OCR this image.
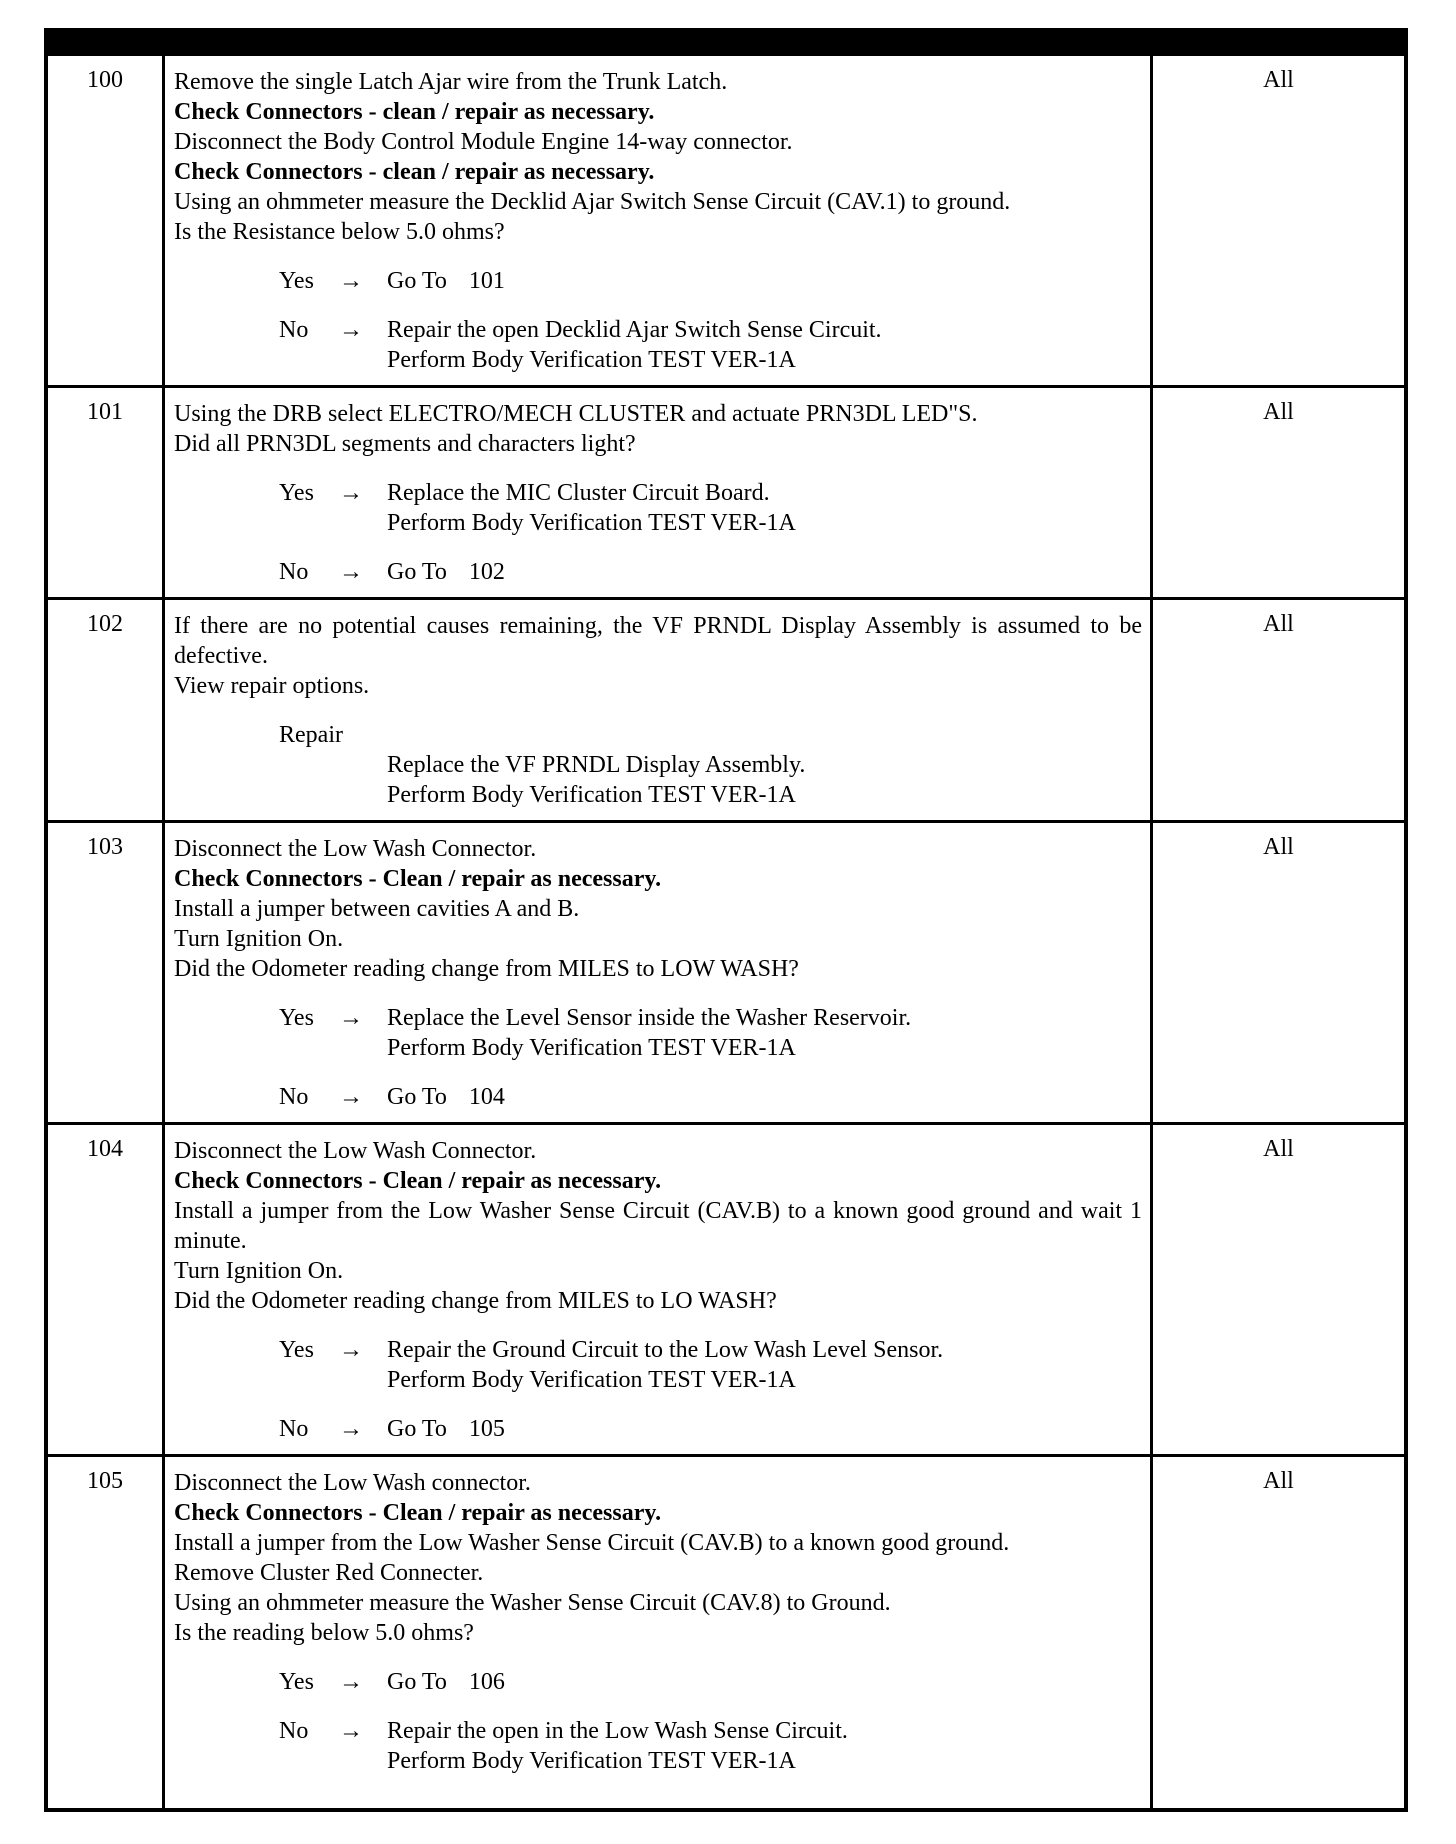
100	Remove the single Latch Ajar wire from the Trunk Latch.
Check Connectors - clean / repair as necessary.
Disconnect the Body Control Module Engine 14-way connector.
Check Connectors - clean / repair as necessary.
Using an ohmmeter measure the Decklid Ajar Switch Sense Circuit (CAV.1) to ground.
Is the Resistance below 5.0 ohms?
Yes	→	Go To 101
No	→	Repair the open Decklid Ajar Switch Sense Circuit.
Perform Body Verification TEST VER-1A
All
101	Using the DRB select ELECTRO/MECH CLUSTER and actuate PRN3DL LED"S.
Did all PRN3DL segments and characters light?
Yes	→	Replace the MIC Cluster Circuit Board.
Perform Body Verification TEST VER-1A
No	→	Go To 102
All
102	If there are no potential causes remaining, the VF PRNDL Display Assembly is assumed to be defective.
View repair options.
Repair
Replace the VF PRNDL Display Assembly.
Perform Body Verification TEST VER-1A
All
103	Disconnect the Low Wash Connector.
Check Connectors - Clean / repair as necessary.
Install a jumper between cavities A and B.
Turn Ignition On.
Did the Odometer reading change from MILES to LOW WASH?
Yes	→	Replace the Level Sensor inside the Washer Reservoir.
Perform Body Verification TEST VER-1A
No	→	Go To 104
All
104	Disconnect the Low Wash Connector.
Check Connectors - Clean / repair as necessary.
Install a jumper from the Low Washer Sense Circuit (CAV.B) to a known good ground and wait 1 minute.
Turn Ignition On.
Did the Odometer reading change from MILES to LO WASH?
Yes	→	Repair the Ground Circuit to the Low Wash Level Sensor.
Perform Body Verification TEST VER-1A
No	→	Go To 105
All
105	Disconnect the Low Wash connector.
Check Connectors - Clean / repair as necessary.
Install a jumper from the Low Washer Sense Circuit (CAV.B) to a known good ground.
Remove Cluster Red Connecter.
Using an ohmmeter measure the Washer Sense Circuit (CAV.8) to Ground.
Is the reading below 5.0 ohms?
Yes	→	Go To 106
No	→	Repair the open in the Low Wash Sense Circuit.
Perform Body Verification TEST VER-1A
All
